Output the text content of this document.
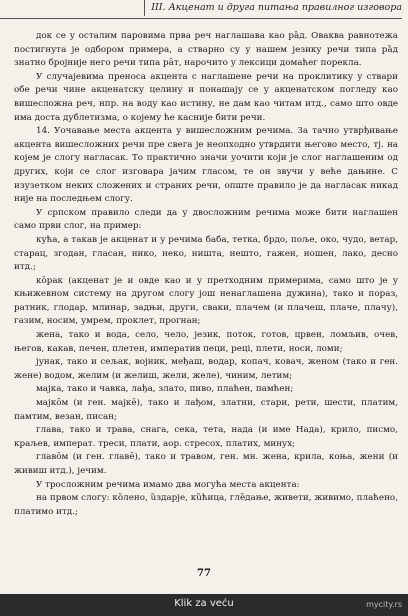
III. Акценат и друга питања правилног изговора

док се у осталим паровима прва реч наглашава као рȁд. Оваква равнотежа постигнута је одбором примера, а стварно су у нашем језику речи типа рȁд знатно бројније него речи типа рȃт, нарочито у лексици домаћег порекла.

У случајевима преноса акцента с наглашене речи на проклитику у ствари обе речи чине акценатску целину и понашају се у акценатском погледу као вишесложна реч, нпр. на воду као истину, не дам као читам итд., само што овде има доста дублетизма, о којему ће касније бити речи.

14. Уочавање места акцента у вишесложним речима. За тачно утврђивање акцента вишесложних речи пре свега је неопходно утврдити његово место, тј. на којем је слогу нагласак. То практично значи уочити који је слог наглашеним од других, који се слог изговара јачим гласом, те он звучи у веће дањине. С изузетком неких сложених и страних речи, опште правило је да нагласак никад није на последњем слогу.

У српском правило следи да у двосложним речима може бити наглашен само први слог, на пример:

кућа, а такав је акценат и у речима баба, тетка, брдо, поље, око, чудо, ветар, старац, згодан, гласан, нико, неко, ништа, нешто, гажен, ношен, лако, десно итд.;

кȍрак (акценат је и овде као и у претходним примерима, само што је у књижевном систему на другом слогу још ненаглашена дужина), тако и пораз, ратник, глодар, млинар, задњи, други, сваки, плачем (и плачеш, плаче, плачу), газим, носим, умрем, проклет, прогнан;

жена, тако и вода, село, чело, језик, поток, готов, црвен, ломљив, очев, његов, какав, печен, плетен, императив пеци, рецi, плети, носи, ломи;

јунак, тако и сељак, војник, међаш, водар, копач, ковач, женом (тако и ген. жене) водом, желим (и желиш, жели, желе), чиним, летим;

мајка, тако и чавка, лађа, злато, пиво, плаћен, памћен;

мајкȏм (и ген. мајкē), тако и лађом, златни, стари, рети, шести, платим, памтим, везан, писан;

глава, тако и трава, снага, сека, тета, нада (и име Нада), крило, писмо, краљев, императ. треси, плати, аор. стресох, платих, минух;

главȏм (и ген. главē), тако и травом, ген. мн. жена, крила, коња, жени (и живиш итд.), јечим.

У тросложним речима имамо два могућа места акцента:

на првом слогу: кȍлено, ȕздарје, кȕћица, глȅдање, живети, живимо, плаћено, платимо итд.;

77
Klik za veću	mycity.rs
